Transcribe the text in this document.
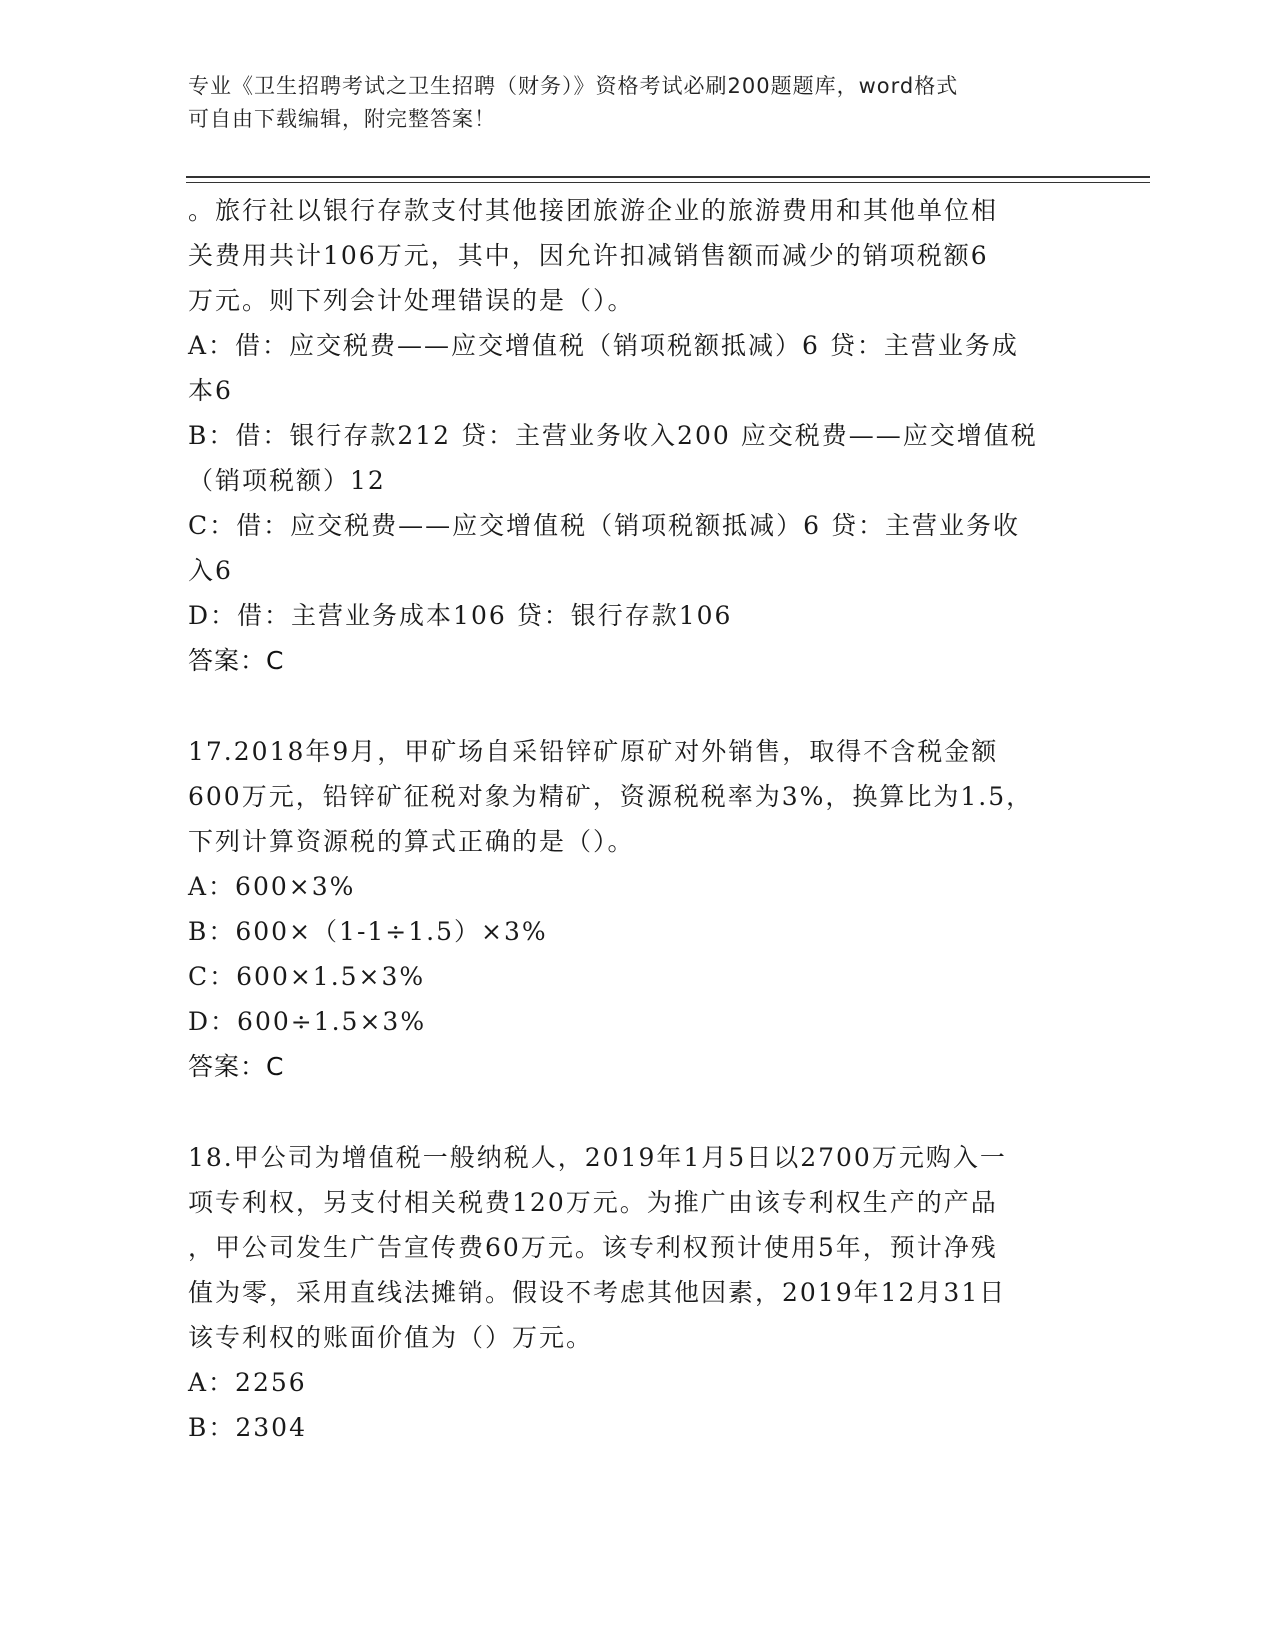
专业《卫生招聘考试之卫生招聘（财务）》资格考试必刷200题题库，word格式
可自由下载编辑，附完整答案！
。旅行社以银行存款支付其他接团旅游企业的旅游费用和其他单位相
关费用共计106万元，其中，因允许扣减销售额而减少的销项税额6
万元。则下列会计处理错误的是（）。
A：借：应交税费——应交增值税（销项税额抵减）6 贷：主营业务成
本6
B：借：银行存款212 贷：主营业务收入200 应交税费——应交增值税
（销项税额）12
C：借：应交税费——应交增值税（销项税额抵减）6 贷：主营业务收
入6
D：借：主营业务成本106 贷：银行存款106
答案：C
17.2018年9月，甲矿场自采铅锌矿原矿对外销售，取得不含税金额
600万元，铅锌矿征税对象为精矿，资源税税率为3%，换算比为1.5，
下列计算资源税的算式正确的是（）。
A：600×3%
B：600×（1-1÷1.5）×3%
C：600×1.5×3%
D：600÷1.5×3%
答案：C
18.甲公司为增值税一般纳税人，2019年1月5日以2700万元购入一
项专利权，另支付相关税费120万元。为推广由该专利权生产的产品
，甲公司发生广告宣传费60万元。该专利权预计使用5年，预计净残
值为零，采用直线法摊销。假设不考虑其他因素，2019年12月31日
该专利权的账面价值为（）万元。
A：2256
B：2304
